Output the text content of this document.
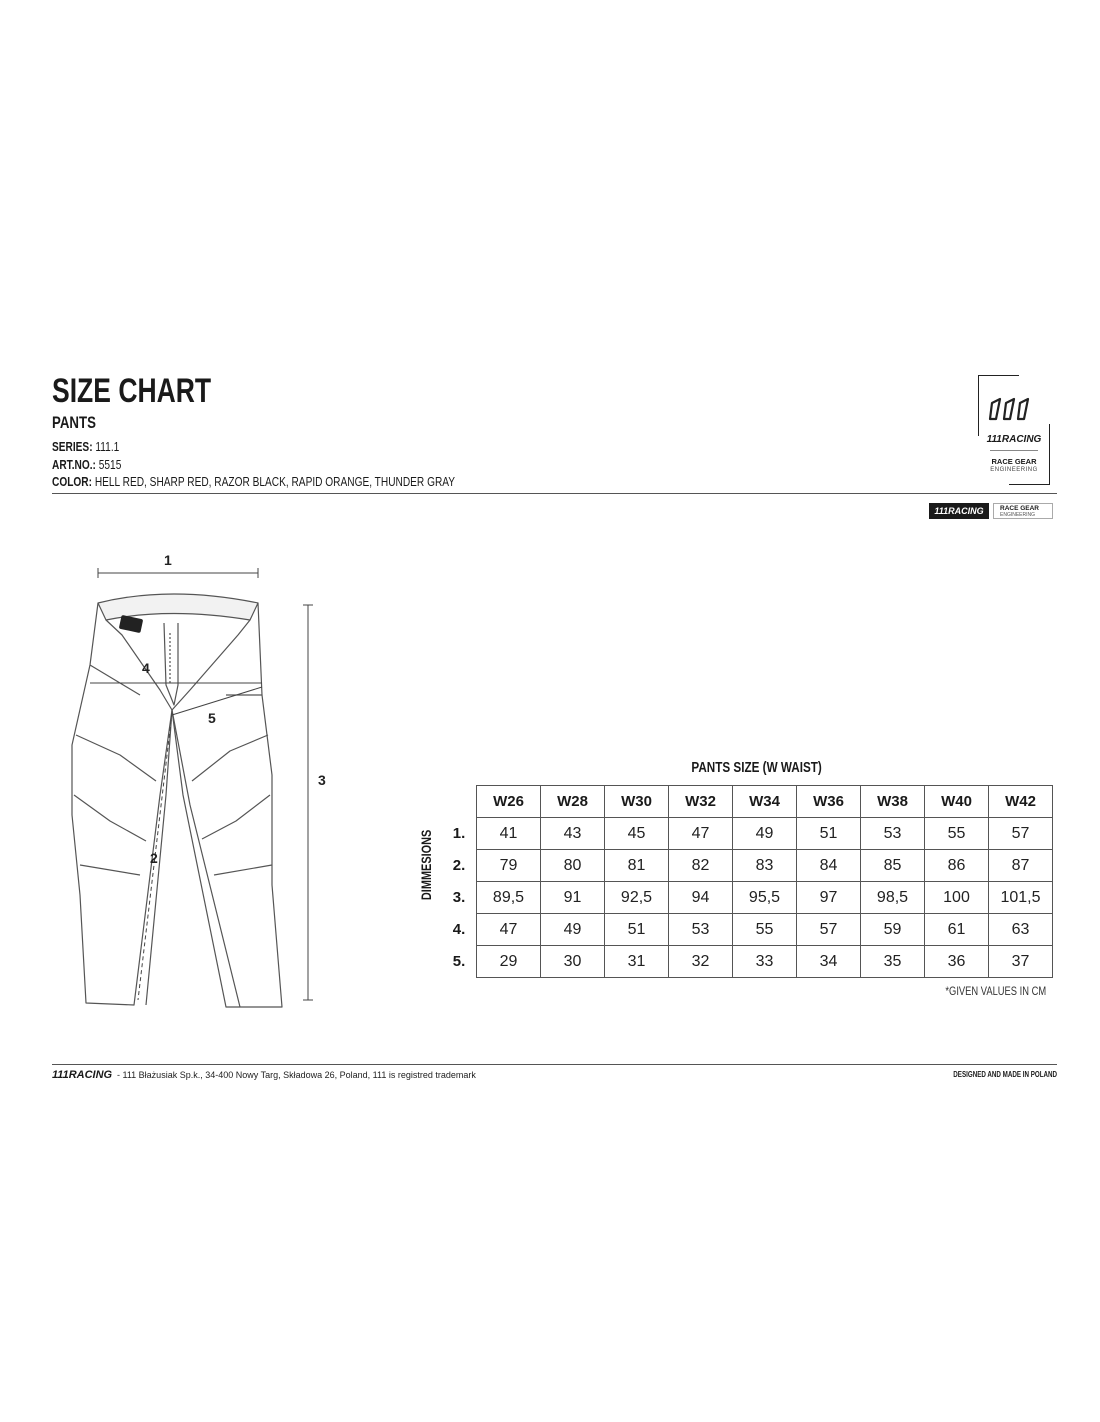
SIZE CHART
PANTS
SERIES: 111.1
ART.NO.: 5515
COLOR: HELL RED, SHARP RED, RAZOR BLACK, RAPID ORANGE, THUNDER GRAY
111RACING
RACE GEAR
ENGINEERING
111RACING	RACE GEAR
ENGINEERING
1
2
3
4
5
PANTS SIZE (W WAIST)
DIMMESIONS
	W26	W28	W30	W32	W34	W36	W38	W40	W42
1.	41	43	45	47	49	51	53	55	57
2.	79	80	81	82	83	84	85	86	87
3.	89,5	91	92,5	94	95,5	97	98,5	100	101,5
4.	47	49	51	53	55	57	59	61	63
5.	29	30	31	32	33	34	35	36	37
*GIVEN VALUES IN CM
111RACING - 111 Błażusiak Sp.k., 34-400 Nowy Targ, Składowa 26, Poland, 111 is registred trademark	DESIGNED AND MADE IN POLAND
